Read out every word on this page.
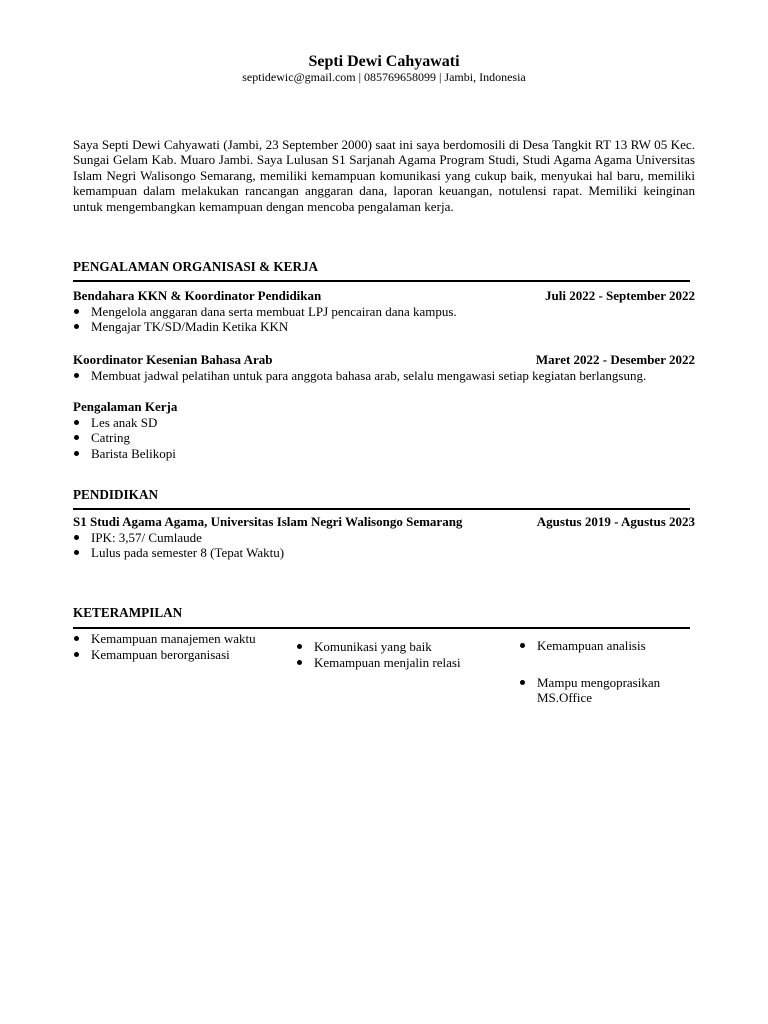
Septi Dewi Cahyawati
septidewic@gmail.com | 085769658099 | Jambi, Indonesia
Saya Septi Dewi Cahyawati (Jambi, 23 September 2000) saat ini saya berdomosili di Desa Tangkit RT 13 RW 05 Kec. Sungai Gelam Kab. Muaro Jambi. Saya Lulusan S1 Sarjanah Agama Program Studi, Studi Agama Agama Universitas Islam Negri Walisongo Semarang, memiliki kemampuan komunikasi yang cukup baik, menyukai hal baru, memiliki kemampuan dalam melakukan rancangan anggaran dana, laporan keuangan, notulensi rapat. Memiliki keinginan untuk mengembangkan kemampuan dengan mencoba pengalaman kerja.
PENGALAMAN ORGANISASI & KERJA
Bendahara KKN & Koordinator Pendidikan	Juli 2022 - September 2022
Mengelola anggaran dana serta membuat LPJ pencairan dana kampus.
Mengajar TK/SD/Madin Ketika KKN
Koordinator Kesenian Bahasa Arab	Maret 2022 - Desember 2022
Membuat jadwal pelatihan untuk para anggota bahasa arab, selalu mengawasi setiap kegiatan berlangsung.
Pengalaman Kerja
Les anak SD
Catring
Barista Belikopi
PENDIDIKAN
S1 Studi Agama Agama, Universitas Islam Negri Walisongo Semarang	Agustus 2019 - Agustus 2023
IPK: 3,57/ Cumlaude
Lulus pada semester 8 (Tepat Waktu)
KETERAMPILAN
Kemampuan manajemen waktu
Kemampuan berorganisasi	Komunikasi yang baik
Kemampuan menjalin relasi
Kemampuan analisis
Mampu mengoprasikan MS.Office
